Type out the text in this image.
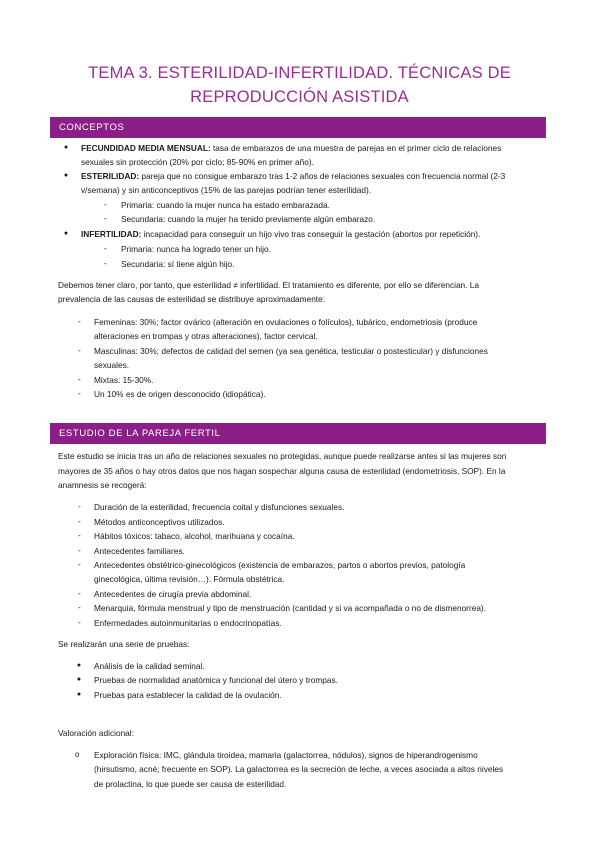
TEMA 3. ESTERILIDAD-INFERTILIDAD. TÉCNICAS DE
REPRODUCCIÓN ASISTIDA
CONCEPTOS
● FECUNDIDAD MEDIA MENSUAL: tasa de embarazos de una muestra de parejas en el primer ciclo de relaciones
sexuales sin protección (20% por ciclo; 85-90% en primer año).
● ESTERILIDAD: pareja que no consigue embarazo tras 1-2 años de relaciones sexuales con frecuencia normal (2-3
v/semana) y sin anticonceptivos (15% de las parejas podrían tener esterilidad).
- Primaria: cuando la mujer nunca ha estado embarazada.
- Secundaria: cuando la mujer ha tenido previamente algún embarazo.
● INFERTILIDAD: incapacidad para conseguir un hijo vivo tras conseguir la gestación (abortos por repetición).
- Primaria: nunca ha logrado tener un hijo.
- Secundaria: sí tiene algún hijo.
Debemos tener claro, por tanto, que esterilidad ≠ infertilidad. El tratamiento es diferente, por ello se diferencian. La
prevalencia de las causas de esterilidad se distribuye aproximadamente:
- Femeninas: 30%; factor ovárico (alteración en ovulaciones o folículos), tubárico, endometriosis (produce
alteraciones en trompas y otras alteraciones), factor cervical.
- Masculinas: 30%; defectos de calidad del semen (ya sea genética, testicular o postesticular) y disfunciones
sexuales.
- Mixtas: 15-30%.
- Un 10% es de origen desconocido (idiopática).
ESTUDIO DE LA PAREJA FERTIL
Este estudio se inicia tras un año de relaciones sexuales no protegidas, aunque puede realizarse antes si las mujeres son
mayores de 35 años o hay otros datos que nos hagan sospechar alguna causa de esterilidad (endometriosis, SOP). En la
anamnesis se recogerá:
- Duración de la esterilidad, frecuencia coital y disfunciones sexuales.
- Métodos anticonceptivos utilizados.
- Hábitos tóxicos: tabaco, alcohol, marihuana y cocaína.
- Antecedentes familiares.
- Antecedentes obstétrico-ginecológicos (existencia de embarazos, partos o abortos previos, patología
ginecológica, última revisión…). Fórmula obstétrica.
- Antecedentes de cirugía previa abdominal.
- Menarquia, fórmula menstrual y tipo de menstruación (cantidad y si va acompañada o no de dismenorrea).
- Enfermedades autoinmunitarias o endocrinopatías.
Se realizarán una serie de pruebas:
● Análisis de la calidad seminal.
● Pruebas de normalidad anatómica y funcional del útero y trompas.
● Pruebas para establecer la calidad de la ovulación.
Valoración adicional:
o Exploración física: IMC, glándula tiroidea, mamaria (galactorrea, nódulos), signos de hiperandrogenismo
(hirsutismo, acné; frecuente en SOP). La galactorrea es la secreción de leche, a veces asociada a altos niveles
de prolactina, lo que puede ser causa de esterilidad.
